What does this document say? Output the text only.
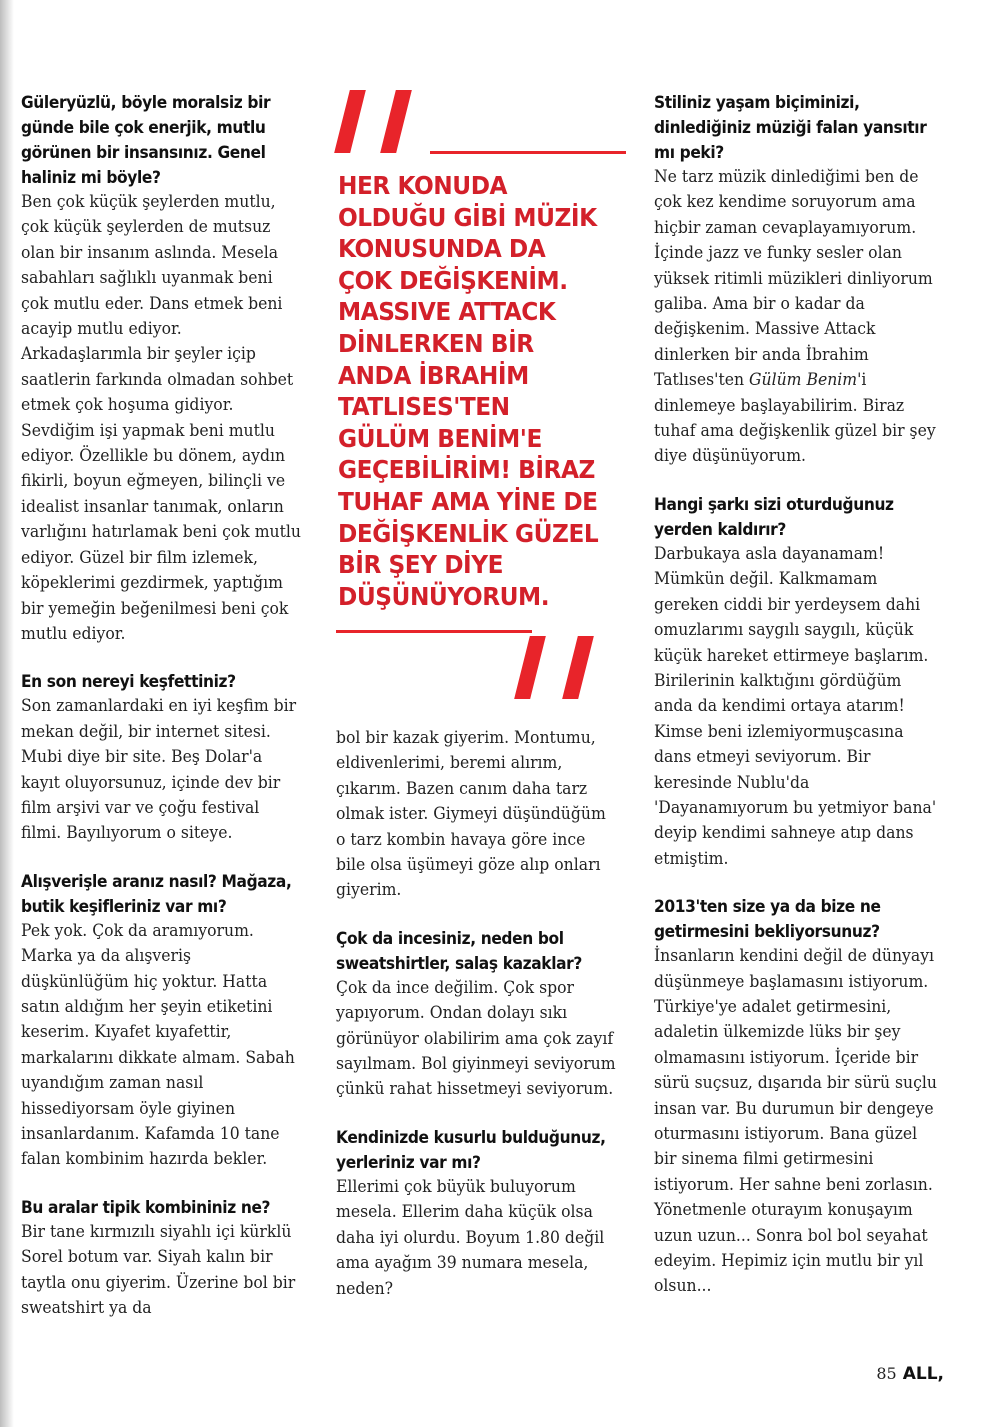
Güleryüzlü, böyle moralsiz bir günde bile çok enerjik, mutlu görünen bir insansınız. Genel haliniz mi böyle?

Ben çok küçük şeylerden mutlu, çok küçük şeylerden de mutsuz olan bir insanım aslında. Mesela sabahları sağlıklı uyanmak beni çok mutlu eder. Dans etmek beni acayip mutlu ediyor. Arkadaşlarımla bir şeyler içip saatlerin farkında olmadan sohbet etmek çok hoşuma gidiyor. Sevdiğim işi yapmak beni mutlu ediyor. Özellikle bu dönem, aydın fikirli, boyun eğmeyen, bilinçli ve idealist insanlar tanımak, onların varlığını hatırlamak beni çok mutlu ediyor. Güzel bir film izlemek, köpeklerimi gezdirmek, yaptığım bir yemeğin beğenilmesi beni çok mutlu ediyor.

En son nereyi keşfettiniz?

Son zamanlardaki en iyi keşfim bir mekan değil, bir internet sitesi. Mubi diye bir site. Beş Dolar'a kayıt oluyorsunuz, içinde dev bir film arşivi var ve çoğu festival filmi. Bayılıyorum o siteye.

Alışverişle aranız nasıl? Mağaza, butik keşifleriniz var mı?

Pek yok. Çok da aramıyorum. Marka ya da alışveriş düşkünlüğüm hiç yoktur. Hatta satın aldığım her şeyin etiketini keserim. Kıyafet kıyafettir, markalarını dikkate almam. Sabah uyandığım zaman nasıl hissediyorsam öyle giyinen insanlardanım. Kafamda 10 tane falan kombinim hazırda bekler.

Bu aralar tipik kombininiz ne?

Bir tane kırmızılı siyahlı içi kürklü Sorel botum var. Siyah kalın bir taytla onu giyerim. Üzerine bol bir sweatshirt ya da

HER KONUDA OLDUĞU GİBİ MÜZİK KONUSUNDA DA ÇOK DEĞİŞKENİM. MASSIVE ATTACK DİNLERKEN BİR ANDA İBRAHİM TATLISES'TEN GÜLÜM BENİM'E GEÇEBİLİRİM! BİRAZ TUHAF AMA YİNE DE DEĞİŞKENLİK GÜZEL BİR ŞEY DİYE DÜŞÜNÜYORUM.

bol bir kazak giyerim. Montumu, eldivenlerimi, beremi alırım, çıkarım. Bazen canım daha tarz olmak ister. Giymeyi düşündüğüm o tarz kombin havaya göre ince bile olsa üşümeyi göze alıp onları giyerim.

Çok da incesiniz, neden bol sweatshirtler, salaş kazaklar?

Çok da ince değilim. Çok spor yapıyorum. Ondan dolayı sıkı görünüyor olabilirim ama çok zayıf sayılmam. Bol giyinmeyi seviyorum çünkü rahat hissetmeyi seviyorum.

Kendinizde kusurlu bulduğunuz, yerleriniz var mı?

Ellerimi çok büyük buluyorum mesela. Ellerim daha küçük olsa daha iyi olurdu. Boyum 1.80 değil ama ayağım 39 numara mesela, neden?

Stiliniz yaşam biçiminizi, dinlediğiniz müziği falan yansıtır mı peki?

Ne tarz müzik dinlediğimi ben de çok kez kendime soruyorum ama hiçbir zaman cevaplayamıyorum. İçinde jazz ve funky sesler olan yüksek ritimli müzikleri dinliyorum galiba. Ama bir o kadar da değişkenim. Massive Attack dinlerken bir anda İbrahim Tatlıses'ten Gülüm Benim'i dinlemeye başlayabilirim. Biraz tuhaf ama değişkenlik güzel bir şey diye düşünüyorum.

Hangi şarkı sizi oturduğunuz yerden kaldırır?

Darbukaya asla dayanamam! Mümkün değil. Kalkmamam gereken ciddi bir yerdeysem dahi omuzlarımı saygılı saygılı, küçük küçük hareket ettirmeye başlarım. Birilerinin kalktığını gördüğüm anda da kendimi ortaya atarım! Kimse beni izlemiyormuşcasına dans etmeyi seviyorum. Bir keresinde Nublu'da 'Dayanamıyorum bu yetmiyor bana' deyip kendimi sahneye atıp dans etmiştim.

2013'ten size ya da bize ne getirmesini bekliyorsunuz?

İnsanların kendini değil de dünyayı düşünmeye başlamasını istiyorum. Türkiye'ye adalet getirmesini, adaletin ülkemizde lüks bir şey olmamasını istiyorum. İçeride bir sürü suçsuz, dışarıda bir sürü suçlu insan var. Bu durumun bir dengeye oturmasını istiyorum. Bana güzel bir sinema filmi getirmesini istiyorum. Her sahne beni zorlasın. Yönetmenle oturayım konuşayım uzun uzun... Sonra bol bol seyahat edeyim. Hepimiz için mutlu bir yıl olsun...

85 ALL,
